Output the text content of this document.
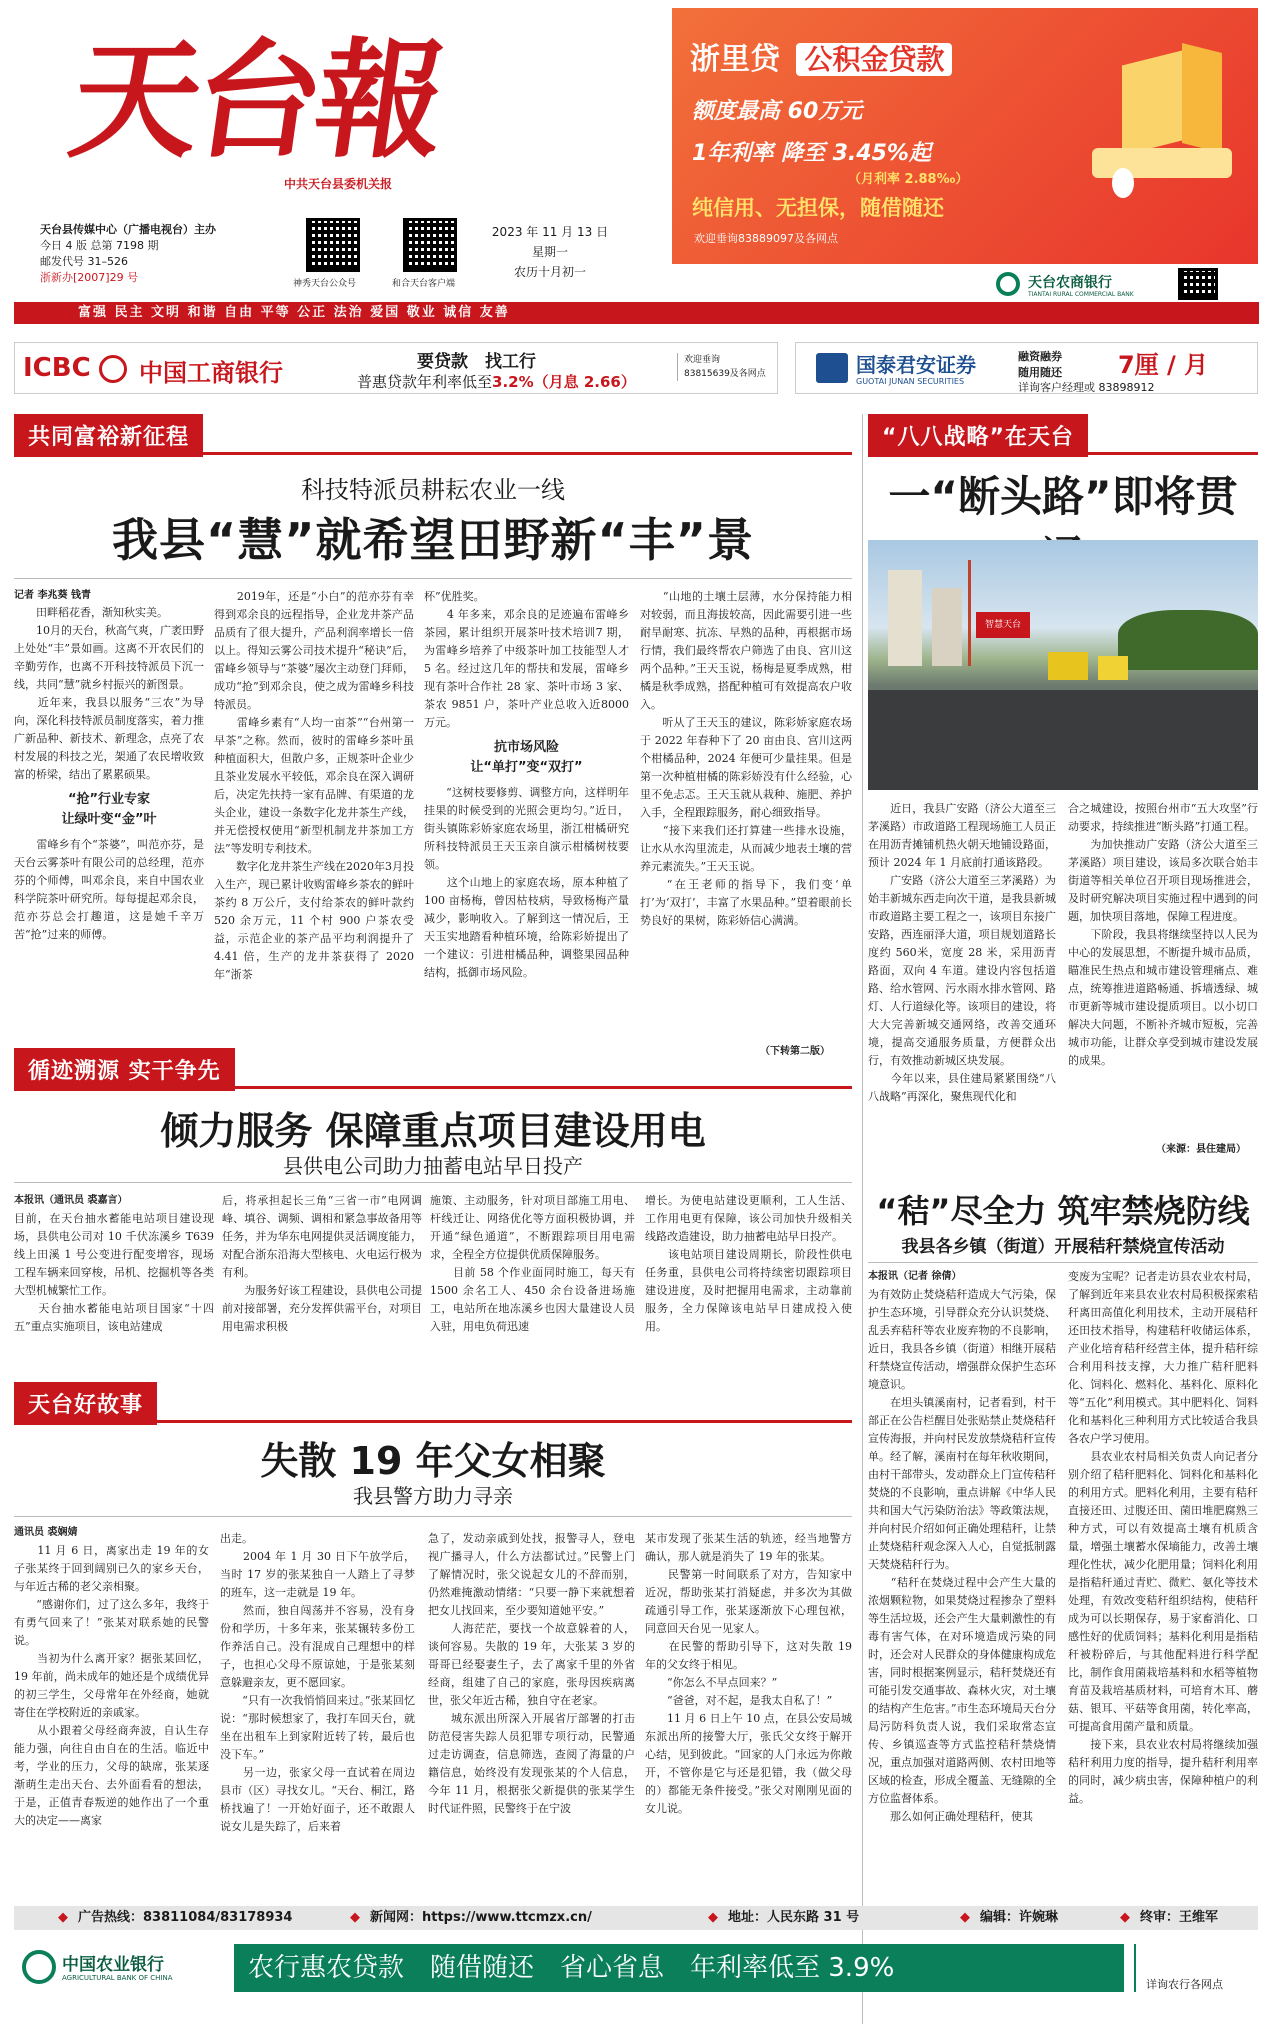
天台報
中共天台县委机关报
天台县传媒中心（广播电视台）主办
今日 4 版 总第 7198 期
邮发代号 31–526
浙新办[2007]29 号	神秀天台公众号	和合天台客户端
2023 年 11 月 13 日
星期一
农历十月初一
富强 民主 文明 和谐 自由 平等 公正 法治 爱国 敬业 诚信 友善
浙里贷 公积金贷款
额度最高 60万元
1年利率 降至 3.45%起
（月利率 2.88‰）
纯信用、无担保，随借随还
欢迎垂询83889097及各网点
天台农商银行
TIANTAI RURAL COMMERCIAL BANK
ICBC 中国工商银行	要贷款　找工行
普惠贷款年利率低至3.2%（月息 2.66）
欢迎垂询
83815639及各网点	国泰君安证券
GUOTAI JUNAN SECURITIES
融资融券
随用随还 7厘 / 月
详询客户经理或 83898912
共同富裕新征程
科技特派员耕耘农业一线
我县“慧”就希望田野新“丰”景
记者 李兆葵 钱青
　　田畔稻花香，渐知秋实美。
　　10月的天台，秋高气爽，广袤田野上处处“丰”景如画。这离不开农民们的辛勤劳作，也离不开科技特派员下沉一线，共同“慧”就乡村振兴的新图景。
　　近年来，我县以服务“三农”为导向，深化科技特派员制度落实，着力推广新品种、新技术、新理念，点亮了农村发展的科技之光，架通了农民增收致富的桥梁，结出了累累硕果。
“抢”行业专家
让绿叶变“金”叶
　　雷峰乡有个“茶婆”，叫范亦芬，是天台云雾茶叶有限公司的总经理，范亦芬的个师傅，叫邓余良，来自中国农业科学院茶叶研究所。每每提起邓余良，范亦芬总会打趣道，这是她千辛万苦“抢”过来的师傅。
　　2019年，还是“小白”的范亦芬有幸得到邓余良的远程指导，企业龙井茶产品品质有了很大提升，产品利润率增长一倍以上。得知云雾公司技术提升“秘诀”后，雷峰乡领导与“茶婆”屡次主动登门拜师，成功“抢”到邓余良，使之成为雷峰乡科技特派员。
　　雷峰乡素有“人均一亩茶”“台州第一早茶”之称。然而，彼时的雷峰乡茶叶虽种植面积大，但散户多，正规茶叶企业少且茶业发展水平较低，邓余良在深入调研后，决定先扶持一家有品牌、有渠道的龙头企业，建设一条数字化龙井茶生产线，并无偿授权使用“新型机制龙井茶加工方法”等发明专利技术。
　　数字化龙井茶生产线在2020年3月投入生产，现已累计收购雷峰乡茶农的鲜叶茶约 8 万公斤，支付给茶农的鲜叶款约 520 余万元，11 个村 900 户茶农受益，示范企业的茶产品平均利润提升了 4.41 倍，生产的龙井茶获得了 2020 年“浙茶
杯”优胜奖。
　　4 年多来，邓余良的足迹遍布雷峰乡茶园，累计组织开展茶叶技术培训7 期，为雷峰乡培养了中级茶叶加工技能型人才 5 名。经过这几年的帮扶和发展，雷峰乡现有茶叶合作社 28 家、茶叶市场 3 家、茶农 9851 户，茶叶产业总收入近8000 万元。
抗市场风险
让“单打”变“双打”
　　“这树枝要修剪、调整方向，这样明年挂果的时候受到的光照会更均匀。”近日，街头镇陈彩娇家庭农场里，浙江柑橘研究所科技特派员王天玉亲自演示柑橘树枝要领。
　　这个山地上的家庭农场，原本种植了 100 亩杨梅，曾因枯枝病，导致杨梅产量减少，影响收入。了解到这一情况后，王天玉实地踏看种植环境，给陈彩娇提出了一个建议：引进柑橘品种，调整果园品种结构，抵御市场风险。
　　“山地的土壤土层薄，水分保持能力相对较弱，而且海拔较高，因此需要引进一些耐旱耐寒、抗冻、早熟的品种，再根据市场行情，我们最终帮农户筛选了由良、宫川这两个品种。”王天玉说，杨梅是夏季成熟，柑橘是秋季成熟，搭配种植可有效提高农户收入。
　　听从了王天玉的建议，陈彩娇家庭农场于 2022 年春种下了 20 亩由良、宫川这两个柑橘品种，2024 年便可少量挂果。但是第一次种植柑橘的陈彩娇没有什么经验，心里不免忐忑。王天玉就从栽种、施肥、养护入手，全程跟踪服务，耐心细致指导。
　　“接下来我们还打算建一些排水设施，让水从水沟里流走，从而减少地表土壤的营养元素流失。”王天玉说。
　　“在王老师的指导下，我们变‘单打’为‘双打’，丰富了水果品种。”望着眼前长势良好的果树，陈彩娇信心满满。
（下转第二版）
“八八战略”在天台
一“断头路”即将贯
智慧天台
　　近日，我县广安路（济公大道至三茅溪路）市政道路工程现场施工人员正在用沥青摊铺机热火朝天地铺设路面，预计 2024 年 1 月底前打通该路段。
　　广安路（济公大道至三茅溪路）为始丰新城东西走向次干道，是我县新城市政道路主要工程之一，该项目东接广安路，西连丽泽大道，项目规划道路长度约 560米，宽度 28 米，采用沥青路面，双向 4 车道。建设内容包括道路、给水管网、污水雨水排水管网、路灯、人行道绿化等。该项目的建设，将大大完善新城交通网络，改善交通环境，提高交通服务质量，方便群众出行，有效推动新城区块发展。
　　今年以来，县住建局紧紧围绕“八八战略”再深化，聚焦现代化和
合之城建设，按照台州市“五大攻坚”行动要求，持续推进“断头路”打通工程。
　　为加快推动广安路（济公大道至三茅溪路）项目建设，该局多次联合始丰街道等相关单位召开项目现场推进会，及时研究解决项目实施过程中遇到的问题，加快项目落地，保障工程进度。
　　下阶段，我县将继续坚持以人民为中心的发展思想，不断提升城市品质，瞄准民生热点和城市建设管理痛点、难点，统筹推进道路畅通、拆墙透绿、城市更新等城市建设提质项目。以小切口解决大问题，不断补齐城市短板，完善城市功能，让群众享受到城市建设发展的成果。
（来源：县住建局）
循迹溯源 实干争先
倾力服务 保障重点项目建设用电
县供电公司助力抽蓄电站早日投产
本报讯（通讯员 裘嘉言）
目前，在天台抽水蓄能电站项目建设现场，县供电公司对 10 千伏冻溪乡 T639 线上田溪 1 号公变进行配变增容，现场工程车辆来回穿梭，吊机、挖掘机等各类大型机械繁忙工作。
　　天台抽水蓄能电站项目国家“十四五”重点实施项目，该电站建成
后，将承担起长三角“三省一市”电网调峰、填谷、调频、调相和紧急事故备用等任务，并为华东电网提供灵活调度能力，对配合浙东沿海大型核电、火电运行极为有利。
　　为服务好该工程建设，县供电公司提前对接部署，充分发挥供需平台，对项目用电需求积极
施策、主动服务，针对项目部施工用电、杆线迁让、网络优化等方面积极协调，并开通“绿色通道”，不断跟踪项目用电需求，全程全方位提供优质保障服务。
　　目前 58 个作业面同时施工，每天有 1500 余名工人、450 余台设备进场施工，电站所在地冻溪乡也因大量建设人员入驻，用电负荷迅速
增长。为使电站建设更顺利，工人生活、工作用电更有保障，该公司加快升级相关线路改造建设，助力抽蓄电站早日投产。
　　该电站项目建设周期长，阶段性供电任务重，县供电公司将持续密切跟踪项目建设进度，及时把握用电需求，主动靠前服务，全力保障该电站早日建成投入使用。
“秸”尽全力 筑牢禁烧防线
我县各乡镇（街道）开展秸秆禁烧宣传活动
本报讯（记者 徐倩）
为有效防止焚烧秸秆造成大气污染，保护生态环境，引导群众充分认识焚烧、乱丢弃秸秆等农业废弃物的不良影响，近日，我县各乡镇（街道）相继开展秸秆禁烧宣传活动，增强群众保护生态环境意识。
　　在坦头镇溪南村，记者看到，村干部正在公告栏醒目处张贴禁止焚烧秸秆宣传海报，并向村民发放禁烧秸秆宣传单。经了解，溪南村在每年秋收期间，由村干部带头，发动群众上门宣传秸秆焚烧的不良影响，重点讲解《中华人民共和国大气污染防治法》等政策法规，并向村民介绍如何正确处理秸秆，让禁止焚烧秸秆观念深入人心，自觉抵制露天焚烧秸秆行为。
　　“秸秆在焚烧过程中会产生大量的浓烟颗粒物，如果焚烧过程掺杂了塑料等生活垃圾，还会产生大量刺激性的有毒有害气体，在对环境造成污染的同时，还会对人民群众的身体健康构成危害，同时根据案例显示，秸秆焚烧还有可能引发交通事故、森林火灾，对土壤的结构产生危害。”市生态环境局天台分局污防科负责人说，我们采取常态宣传、乡镇巡查等方式监控秸秆禁烧情况，重点加强对道路两侧、农村田地等区域的检查，形成全覆盖、无缝隙的全方位监督体系。
　　那么如何正确处理秸秆，使其
变废为宝呢？记者走访县农业农村局，了解到近年来县农业农村局积极探索秸秆离田高值化利用技术，主动开展秸秆还田技术指导，构建秸秆收储运体系，产业化培育秸秆经营主体，提升秸秆综合利用科技支撑，大力推广秸秆肥料化、饲料化、燃料化、基料化、原料化等“五化”利用模式。其中肥料化、饲料化和基料化三种利用方式比较适合我县各农户学习使用。
　　县农业农村局相关负责人向记者分别介绍了秸秆肥料化、饲料化和基料化的利用方式。肥料化利用，主要有秸秆直接还田、过腹还田、菌田堆肥腐熟三种方式，可以有效提高土壤有机质含量，增强土壤蓄水保墒能力，改善土壤理化性状，减少化肥用量；饲料化利用是指秸秆通过青贮、微贮、氨化等技术处理，有效改变秸秆组织结构，使秸秆成为可以长期保存，易于家畜消化、口感性好的优质饲料；基料化利用是指秸秆被粉碎后，与其他配料进行科学配比，制作食用菌栽培基料和水稻等植物育苗及栽培基质材料，可培育木耳、蘑菇、银耳、平菇等食用菌，转化率高，可提高食用菌产量和质量。
　　接下来，县农业农村局将继续加强秸秆利用力度的指导，提升秸秆利用率的同时，减少病虫害，保障种植户的利益。
天台好故事
失散 19 年父女相聚
我县警方助力寻亲
通讯员 裘娴婧
　　11 月 6 日，离家出走 19 年的女子张某终于回到阔别已久的家乡天台，与年近古稀的老父亲相聚。
　　“感谢你们，过了这么多年，我终于有勇气回来了！”张某对联系她的民警说。
　　当初为什么离开家？据张某回忆，19 年前，尚未成年的她还是个成绩优异的初三学生，父母常年在外经商，她就寄住在学校附近的亲戚家。
　　从小跟着父母经商奔波，自认生存能力强，向往自由自在的生活。临近中考，学业的压力，父母的缺席，张某逐渐萌生走出天台、去外面看看的想法，于是，正值青春叛逆的她作出了一个重大的决定——离家
出走。
　　2004 年 1 月 30 日下午放学后，当时 17 岁的张某独自一人踏上了寻梦的班车，这一走就是 19 年。
　　然而，独自闯荡并不容易，没有身份和学历，十多年来，张某辗转多份工作养活自己。没有混成自己理想中的样子，也担心父母不原谅她，于是张某刻意躲避亲友，更不愿回家。
　　“只有一次我悄悄回来过。”张某回忆说：“那时候想家了，我打车回天台，就坐在出租车上到家附近转了转，最后也没下车。”
　　另一边，张家父母一直试着在周边县市（区）寻找女儿。“天台、桐江，路桥找遍了！一开始好面子，还不敢跟人说女儿是失踪了，后来着
急了，发动亲戚到处找，报警寻人，登电视广播寻人，什么方法都试过。”民警上门了解情况时，张父说起女儿的不辞而别，仍然难掩激动情绪：“只要一静下来就想着把女儿找回来，至少要知道她平安。”
　　人海茫茫，要找一个故意躲着的人，谈何容易。失散的 19 年，大张某 3 岁的哥哥已经娶妻生子，去了离家千里的外省经商，组建了自己的家庭，张母因疾病离世，张父年近古稀，独自守在老家。
　　城东派出所深入开展省厅部署的打击防范侵害失踪人员犯罪专项行动，民警通过走访调查，信息筛选，查阅了海量的户籍信息，始终没有发现张某的个人信息，今年 11 月，根据张父新提供的张某学生时代证件照，民警终于在宁波
某市发现了张某生活的轨迹，经当地警方确认，那人就是消失了 19 年的张某。
　　民警第一时间联系了对方，告知家中近况，帮助张某打消疑虑，并多次为其做疏通引导工作，张某逐渐放下心理包袱，同意回天台见一见家人。
　　在民警的帮助引导下，这对失散 19 年的父女终于相见。
　　“你怎么不早点回来？”
　　“爸爸，对不起，是我太自私了！”
　　11 月 6 日上午 10 点，在县公安局城东派出所的接警大厅，张氏父女终于解开心结，见到彼此。“回家的人门永远为你敞开，不管你是它与还是犯错，我（做父母的）都能无条件接受。”张父对刚刚见面的女儿说。
◆ 广告热线：83811084/83178934	◆ 新闻网：https://www.ttcmzx.cn/	◆ 地址：人民东路 31 号	◆ 编辑：许婉琳	◆ 终审：王维军
中国农业银行
AGRICULTURAL BANK OF CHINA	农行惠农贷款　随借随还　省心省息　年利率低至 3.9%
详询农行各网点
